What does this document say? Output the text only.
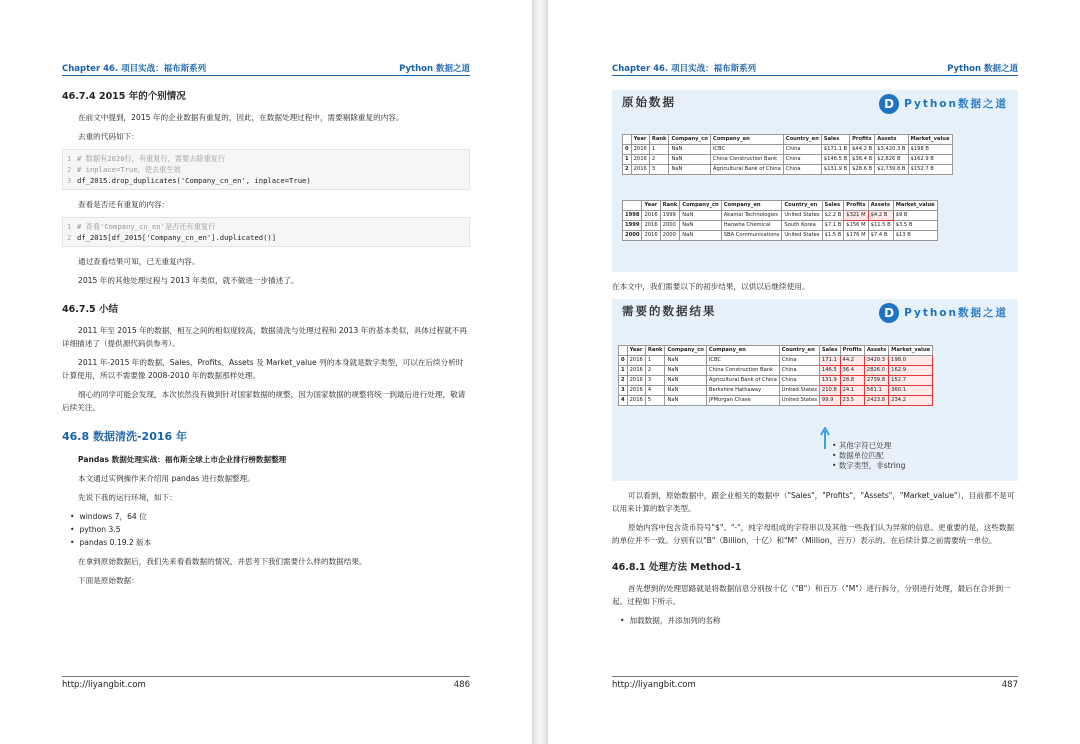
Chapter 46. 项目实战：福布斯系列	Python 数据之道
46.7.4 2015 年的个别情况

在前文中提到，2015 年的企业数据有重复的，因此，在数据处理过程中，需要剔除重复的内容。

去重的代码如下：

1 # 数据有2020行，有重复行，需要去除重复行
2 # inplace=True，使去重生效
3 df_2015.drop_duplicates('Company_cn_en', inplace=True)

查看是否还有重复的内容：

1 # 查看'Company_cn_en'是否还有重复行
2 df_2015[df_2015['Company_cn_en'].duplicated()]

通过查看结果可知，已无重复内容。

2015 年的其他处理过程与 2013 年类似，就不做进一步描述了。

46.7.5 小结

2011 年至 2015 年的数据，相互之间的相似度较高，数据清洗与处理过程和 2013 年的基本类似，具体过程就不再详细描述了（提供源代码供参考）。

2011 年-2015 年的数据，Sales、Profits、Assets 及 Market_value 列的本身就是数字类型，可以在后续分析时计算使用，所以不需要像 2008-2010 年的数据那样处理。

细心的同学可能会发现，本次依然没有做到针对国家数据的规整，因为国家数据的规整将统一到最后进行处理，敬请后续关注。

46.8 数据清洗-2016 年

Pandas 数据处理实战：福布斯全球上市企业排行榜数据整理

本文通过实例操作来介绍用 pandas 进行数据整理。

先说下我的运行环境，如下：

• windows 7，64 位
• python 3.5
• pandas 0.19.2 版本

在拿到原始数据后，我们先来看看数据的情况，并思考下我们需要什么样的数据结果。

下面是原始数据：

http://liyangbit.com	486
Chapter 46. 项目实战：福布斯系列	Python 数据之道
原始数据	D Python数据之道
	Year	Rank	Company_cn	Company_en	Country_en	Sales	Profits	Assets	Market_value
0	2016	1	NaN	ICBC	China	$171.1 B	$44.2 B	$3,420.3 B	$198 B
1	2016	2	NaN	China Construction Bank	China	$146.5 B	$36.4 B	$2,826 B	$162.9 B
2	2016	3	NaN	Agricultural Bank of China	China	$131.9 B	$28.6 B	$2,739.8 B	$152.7 B
	Year	Rank	Company_cn	Company_en	Country_en	Sales	Profits	Assets	Market_value
1998	2016	1999	NaN	Akamai Technologies	United States	$2.2 B	$321 M	$4.2 B	$9 B
1999	2016	2000	NaN	Hanwha Chemical	South Korea	$7.1 B	$156 M	$11.5 B	$3.5 B
2000	2016	2000	NaN	SBA Communications	United States	$1.5 B	$176 M	$7.4 B	$13 B

在本文中，我们需要以下的初步结果，以供以后继续使用。

需要的数据结果	D Python数据之道
	Year	Rank	Company_cn	Company_en	Country_en	Sales	Profits	Assets	Market_value
0	2016	1	NaN	ICBC	China	171.1	44.2	3420.3	198.0
1	2016	2	NaN	China Construction Bank	China	146.5	36.4	2826.0	162.9
2	2016	3	NaN	Agricultural Bank of China	China	131.9	28.8	2739.8	152.7
3	2016	4	NaN	Berkshire Hathaway	United States	210.8	24.1	561.1	360.1
4	2016	5	NaN	JPMorgan Chase	United States	99.9	23.5	2423.8	234.2
• 其他字符已处理
• 数据单位匹配
• 数字类型，非string

可以看到，原始数据中，跟企业相关的数据中（"Sales"，"Profits"，"Assets"，"Market_value"），目前都不是可以用来计算的数字类型。

原始内容中包含货币符号"$"、"-"，纯字母组成的字符串以及其他一些我们认为异常的信息。更重要的是，这些数据的单位并不一致。分别有以"B"（Billion，十亿）和"M"（Million，百万）表示的。在后续计算之前需要统一单位。

46.8.1 处理方法 Method-1

首先想到的处理思路就是将数据信息分别按十亿（"B"）和百万（"M"）进行拆分，分别进行处理，最后在合并到一起。过程如下所示。

• 加载数据，并添加列的名称
http://liyangbit.com	487
